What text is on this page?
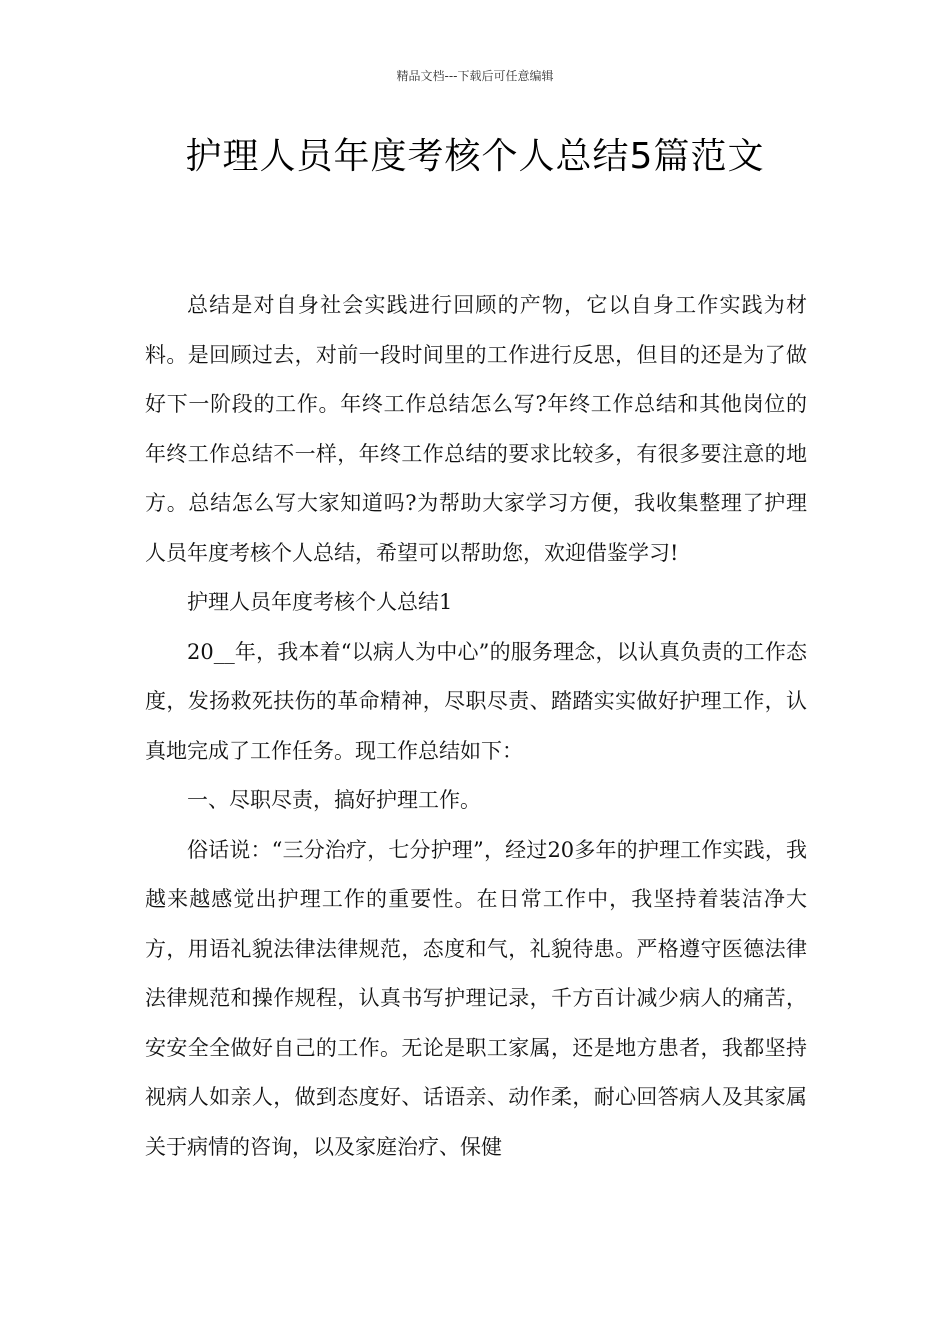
精品文档---下载后可任意编辑
护理人员年度考核个人总结5篇范文

总结是对自身社会实践进行回顾的产物，它以自身工作实践为材料。是回顾过去，对前一段时间里的工作进行反思，但目的还是为了做好下一阶段的工作。年终工作总结怎么写?年终工作总结和其他岗位的年终工作总结不一样，年终工作总结的要求比较多，有很多要注意的地方。总结怎么写大家知道吗?为帮助大家学习方便，我收集整理了护理人员年度考核个人总结，希望可以帮助您，欢迎借鉴学习!

护理人员年度考核个人总结1

20__年，我本着“以病人为中心”的服务理念，以认真负责的工作态度，发扬救死扶伤的革命精神，尽职尽责、踏踏实实做好护理工作，认真地完成了工作任务。现工作总结如下：

一、尽职尽责，搞好护理工作。

俗话说：“三分治疗，七分护理”，经过20多年的护理工作实践，我越来越感觉出护理工作的重要性。在日常工作中，我坚持着装洁净大方，用语礼貌法律法律规范，态度和气，礼貌待患。严格遵守医德法律法律规范和操作规程，认真书写护理记录，千方百计减少病人的痛苦，安安全全做好自己的工作。无论是职工家属，还是地方患者，我都坚持视病人如亲人，做到态度好、话语亲、动作柔，耐心回答病人及其家属关于病情的咨询，以及家庭治疗、保健
